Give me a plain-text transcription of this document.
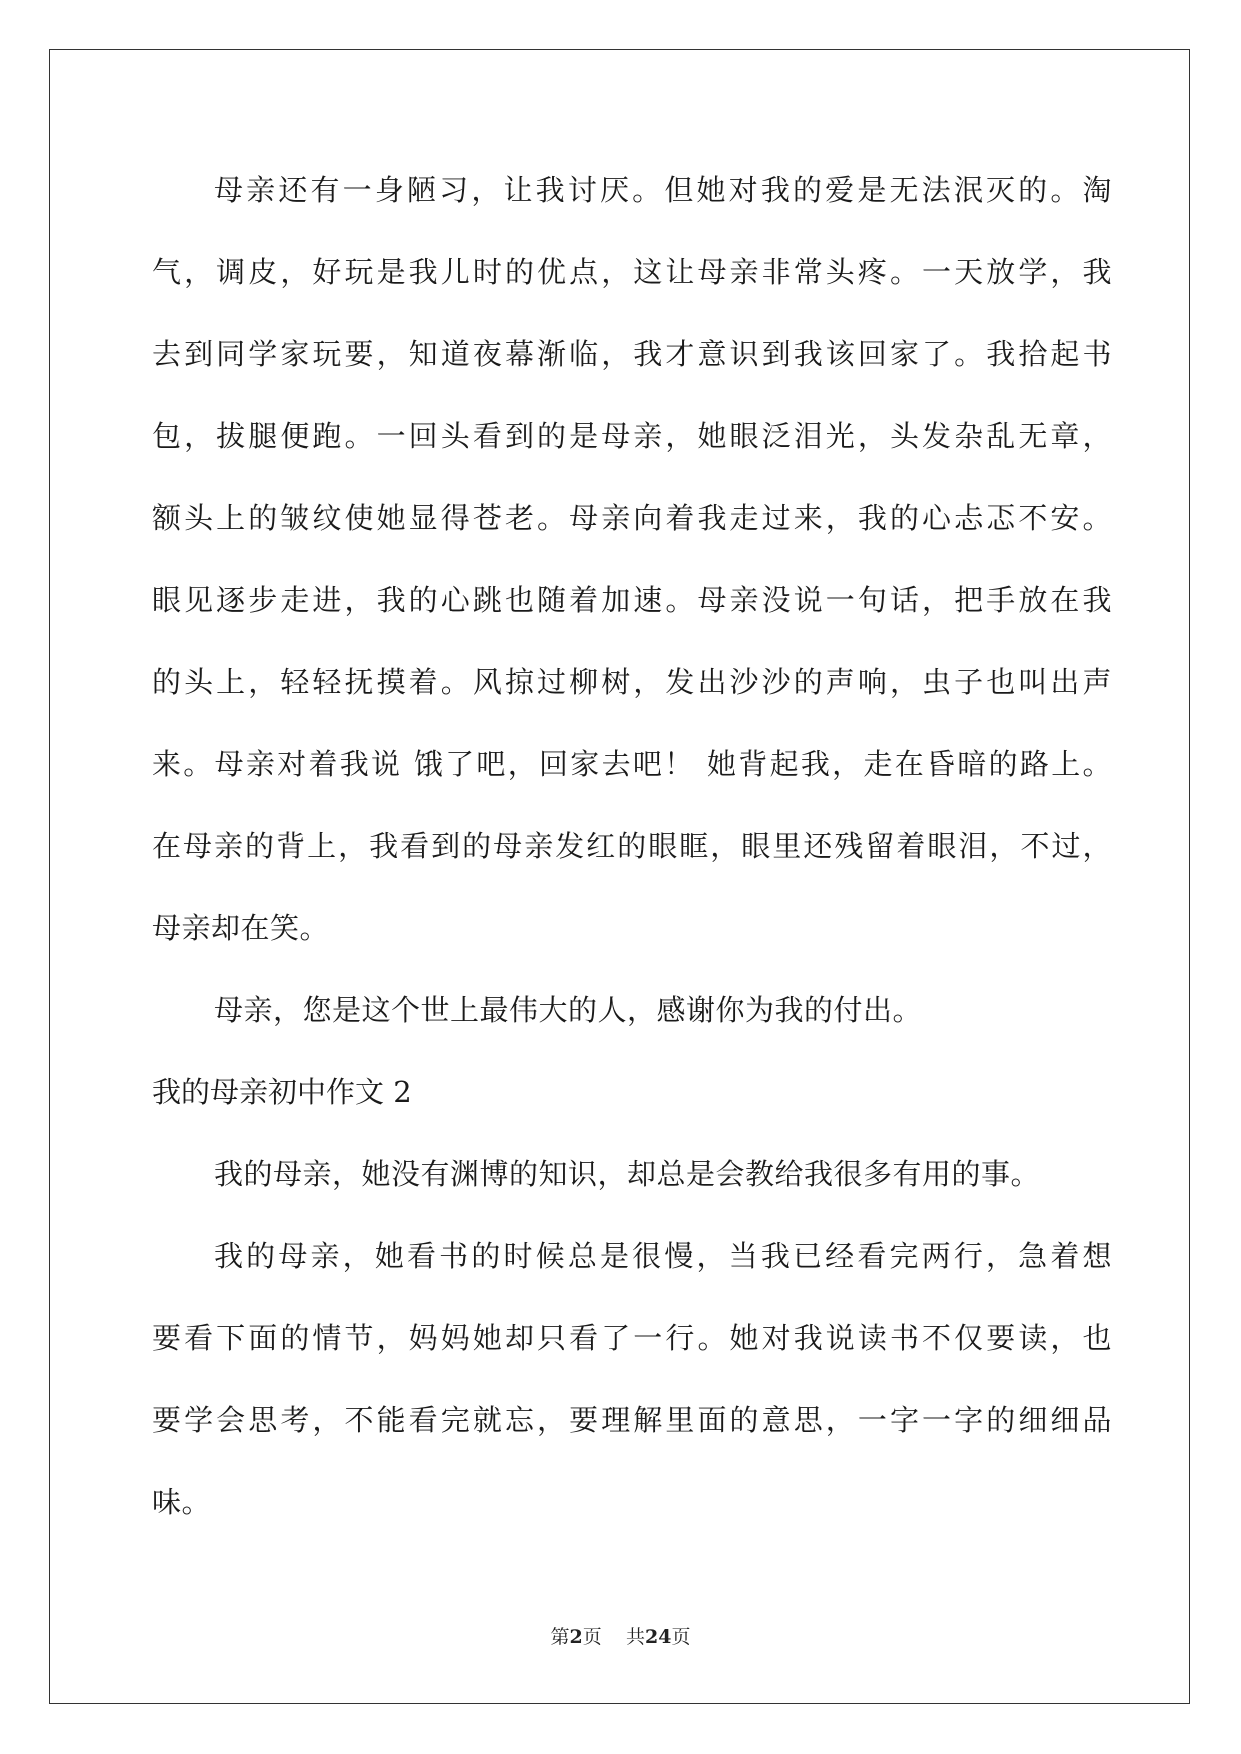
母亲还有一身陋习，让我讨厌。但她对我的爱是无法泯灭的。淘
气，调皮，好玩是我儿时的优点，这让母亲非常头疼。一天放学，我
去到同学家玩要，知道夜幕渐临，我才意识到我该回家了。我拾起书
包，拔腿便跑。一回头看到的是母亲，她眼泛泪光，头发杂乱无章，
额头上的皱纹使她显得苍老。母亲向着我走过来，我的心忐忑不安。
眼见逐步走进，我的心跳也随着加速。母亲没说一句话，把手放在我
的头上，轻轻抚摸着。风掠过柳树，发出沙沙的声响，虫子也叫出声
来。母亲对着我说 饿了吧，回家去吧！ 她背起我，走在昏暗的路上。
在母亲的背上，我看到的母亲发红的眼眶，眼里还残留着眼泪，不过，
母亲却在笑。
母亲，您是这个世上最伟大的人，感谢你为我的付出。
我的母亲初中作文 2
我的母亲，她没有渊博的知识，却总是会教给我很多有用的事。
我的母亲，她看书的时候总是很慢，当我已经看完两行，急着想
要看下面的情节，妈妈她却只看了一行。她对我说读书不仅要读，也
要学会思考，不能看完就忘，要理解里面的意思，一字一字的细细品
味。
第2页 共24页
